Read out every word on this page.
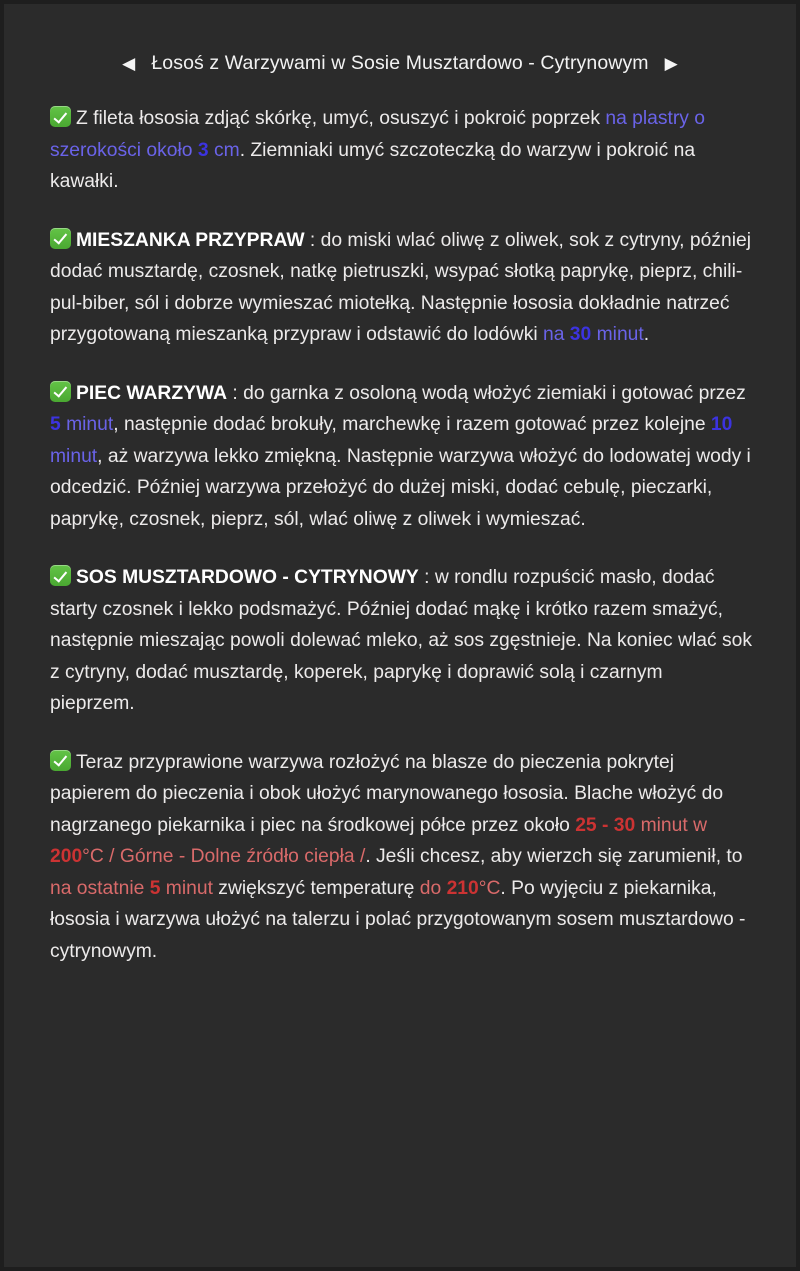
◀ Łosoś z Warzywami w Sosie Musztardowo - Cytrynowym ▶

Z fileta łososia zdjąć skórkę, umyć, osuszyć i pokroić poprzek na plastry o szerokości około 3 cm. Ziemniaki umyć szczoteczką do warzyw i pokroić na kawałki.

MIESZANKA PRZYPRAW : do miski wlać oliwę z oliwek, sok z cytryny, później dodać musztardę, czosnek, natkę pietruszki, wsypać słotką paprykę, pieprz, chili-pul-biber, sól i dobrze wymieszać miotełką. Następnie łososia dokładnie natrzeć przygotowaną mieszanką przypraw i odstawić do lodówki na 30 minut.

PIEC WARZYWA : do garnka z osoloną wodą włożyć ziemiaki i gotować przez 5 minut, następnie dodać brokuły, marchewkę i razem gotować przez kolejne 10 minut, aż warzywa lekko zmiękną. Następnie warzywa włożyć do lodowatej wody i odcedzić. Później warzywa przełożyć do dużej miski, dodać cebulę, pieczarki, paprykę, czosnek, pieprz, sól, wlać oliwę z oliwek i wymieszać.

SOS MUSZTARDOWO - CYTRYNOWY : w rondlu rozpuścić masło, dodać starty czosnek i lekko podsmażyć. Później dodać mąkę i krótko razem smażyć, następnie mieszając powoli dolewać mleko, aż sos zgęstnieje. Na koniec wlać sok z cytryny, dodać musztardę, koperek, paprykę i doprawić solą i czarnym pieprzem.

Teraz przyprawione warzywa rozłożyć na blasze do pieczenia pokrytej papierem do pieczenia i obok ułożyć marynowanego łososia. Blache włożyć do nagrzanego piekarnika i piec na środkowej półce przez około 25 - 30 minut w 200°C / Górne - Dolne źródło ciepła /. Jeśli chcesz, aby wierzch się zarumienił, to na ostatnie 5 minut zwiększyć temperaturę do 210°C. Po wyjęciu z piekarnika, łososia i warzywa ułożyć na talerzu i polać przygotowanym sosem musztardowo - cytrynowym.
